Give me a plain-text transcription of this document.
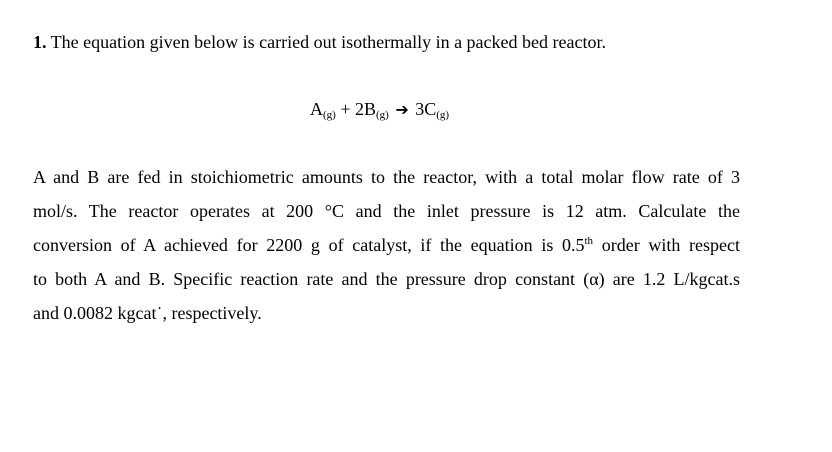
1. The equation given below is carried out isothermally in a packed bed reactor.
$A_{(g)} + 2B_{(g)}$ ➔ $3C_{(g)}$
A and B are fed in stoichiometric amounts to the reactor, with a total molar flow rate of 3
mol/s. The reactor operates at 200 °C and the inlet pressure is 12 atm. Calculate the
conversion of A achieved for 2200 g of catalyst, if the equation is 0.5th order with respect
to both A and B. Specific reaction rate and the pressure drop constant (α) are 1.2 L/kgcat.s
and 0.0082 kgcat˙, respectively.
